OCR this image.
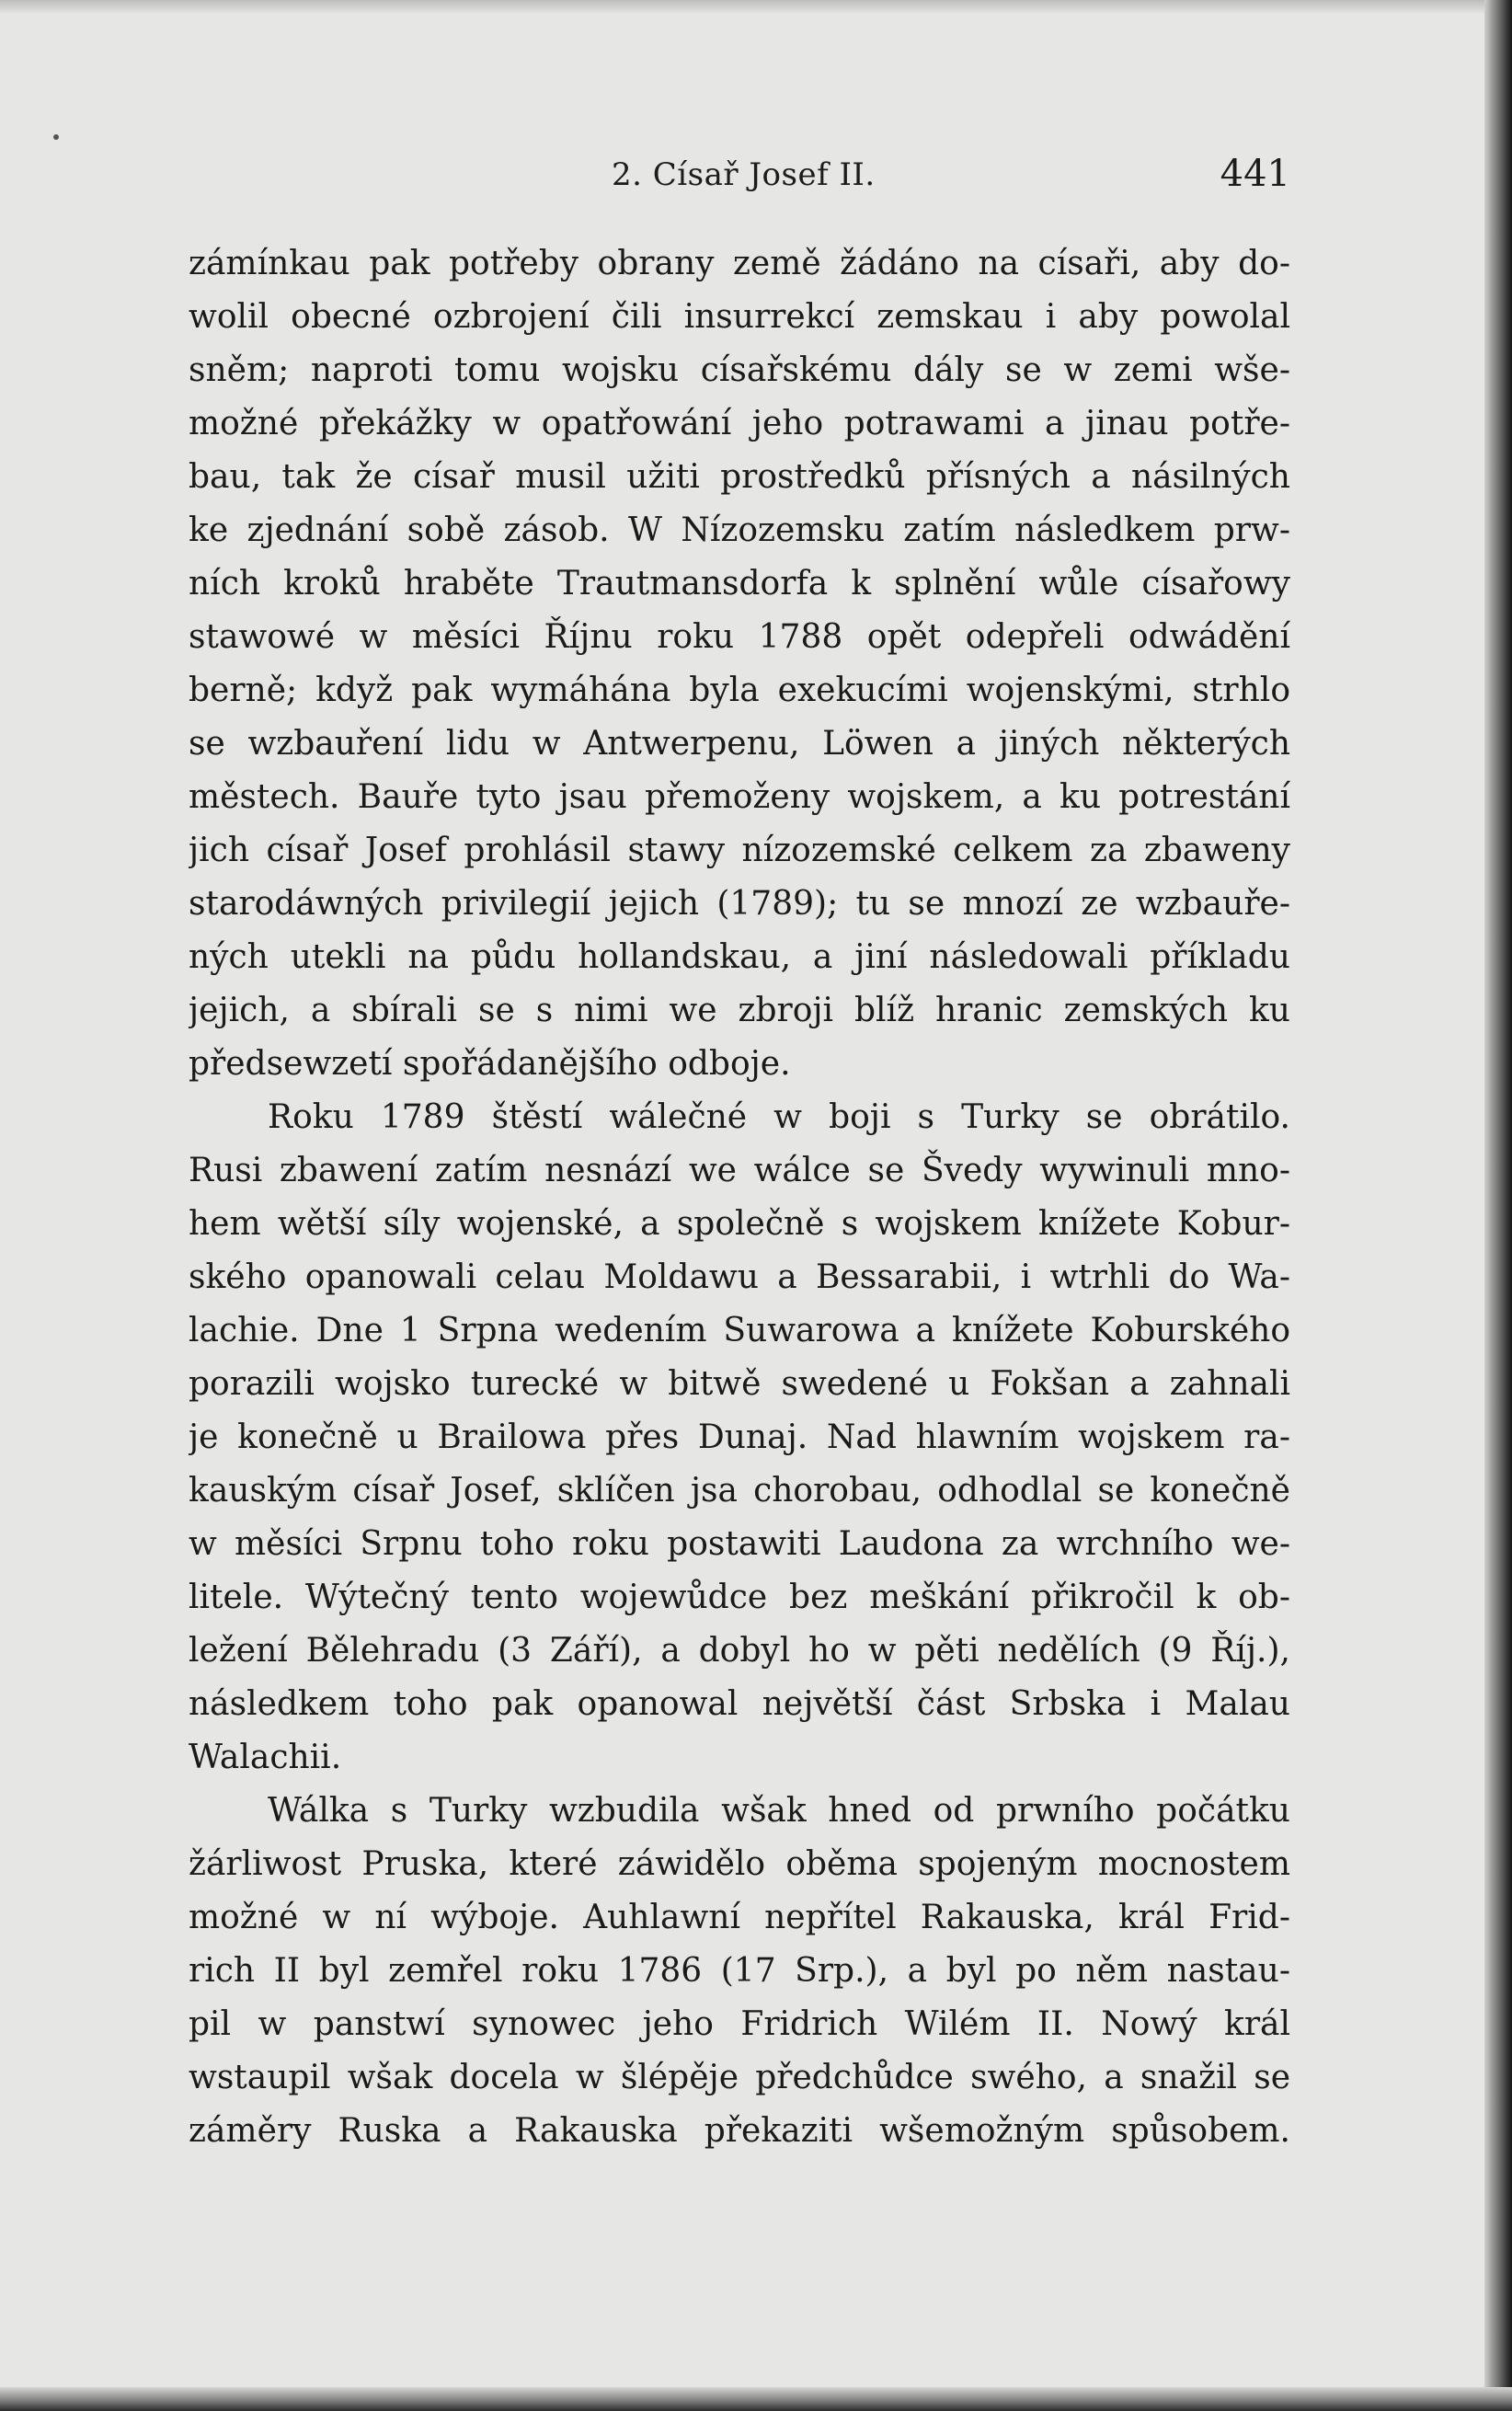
2. Císař Josef II.	441
zámínkau pak potřeby obrany země žádáno na císaři, aby do-
wolil obecné ozbrojení čili insurrekcí zemskau i aby powolal
sněm; naproti tomu wojsku císařskému dály se w zemi wše-
možné překážky w opatřowání jeho potrawami a jinau potře-
bau, tak že císař musil užiti prostředků přísných a násilných
ke zjednání sobě zásob. W Nízozemsku zatím následkem prw-
ních kroků hraběte Trautmansdorfa k splnění wůle císařowy
stawowé w měsíci Říjnu roku 1788 opět odepřeli odwádění
berně; když pak wymáhána byla exekucími wojenskými, strhlo
se wzbauření lidu w Antwerpenu, Löwen a jiných některých
městech. Bauře tyto jsau přemoženy wojskem, a ku potrestání
jich císař Josef prohlásil stawy nízozemské celkem za zbaweny
starodáwných privilegií jejich (1789); tu se mnozí ze wzbauře-
ných utekli na půdu hollandskau, a jiní následowali příkladu
jejich, a sbírali se s nimi we zbroji blíž hranic zemských ku
předsewzetí spořádanějšího odboje.
Roku 1789 štěstí wálečné w boji s Turky se obrátilo.
Rusi zbawení zatím nesnází we wálce se Švedy wywinuli mno-
hem wětší síly wojenské, a společně s wojskem knížete Kobur-
ského opanowali celau Moldawu a Bessarabii, i wtrhli do Wa-
lachie. Dne 1 Srpna wedením Suwarowa a knížete Koburského
porazili wojsko turecké w bitwě swedené u Fokšan a zahnali
je konečně u Brailowa přes Dunaj. Nad hlawním wojskem ra-
kauským císař Josef, sklíčen jsa chorobau, odhodlal se konečně
w měsíci Srpnu toho roku postawiti Laudona za wrchního we-
litele. Wýtečný tento wojewůdce bez meškání přikročil k ob-
ležení Bělehradu (3 Září), a dobyl ho w pěti nedělích (9 Říj.),
následkem toho pak opanowal největší část Srbska i Malau
Walachii.
Wálka s Turky wzbudila wšak hned od prwního počátku
žárliwost Pruska, které záwidělo oběma spojeným mocnostem
možné w ní wýboje. Auhlawní nepřítel Rakauska, král Frid-
rich II byl zemřel roku 1786 (17 Srp.), a byl po něm nastau-
pil w panstwí synowec jeho Fridrich Wilém II. Nowý král
wstaupil wšak docela w šlépěje předchůdce swého, a snažil se
záměry Ruska a Rakauska překaziti wšemožným spůsobem.
